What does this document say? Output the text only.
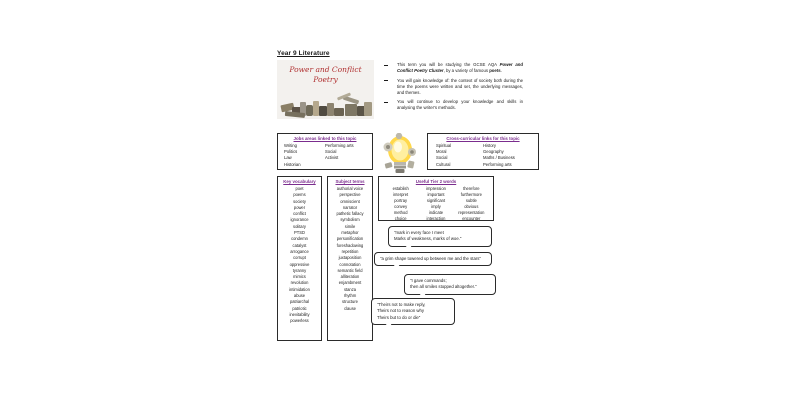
Year 9 Literature
Power and Conflict
Poetry
This term you will be studying the GCSE AQA Power and Conflict Poetry Cluster, by a variety of famous poets.
You will gain knowledge of: the context of society both during the time the poems were written and set, the underlying messages, and themes.
You will continue to develop your knowledge and skills in analysing the writer's methods.
Jobs areas linked to this topic
Writing
Politics
Law
Historian
Performing arts
Social
Activist
Cross-curricular links for this topic
Spiritual
Moral
Social
Cultural
History
Geography
Maths / Business
Performing arts
Key vocabulary
poet
poems
society
power
conflict
ignorance
solitary
PTSD
condemn
catalyst
arrogance
corrupt
oppressive
tyranny
mimics
revolution
intimidation
abuse
patriarchal
patriotic
inevitability
powerless
Subject terms
authorial voice
perspective
omniscient
narrator
pathetic fallacy
symbolism
simile
metaphor
personification
foreshadowing
repetition
juxtaposition
connotation
semantic field
alliteration
enjambment
stanza
rhythm
structure
clause
Useful Tier 2 words
establish
interpret
portray
convey
method
choice
impression
important
significant
imply
indicate
interaction
therefore
furthermore
subtle
obvious
representation
encounter
"mark in every face I meet
Marks of weakness, marks of woe."
"a grim shape towered up between me and the stars"
"I gave commands;
then all smiles stopped altogether."
"Theirs not to make reply,
Theirs not to reason why
Theirs but to do or die"
